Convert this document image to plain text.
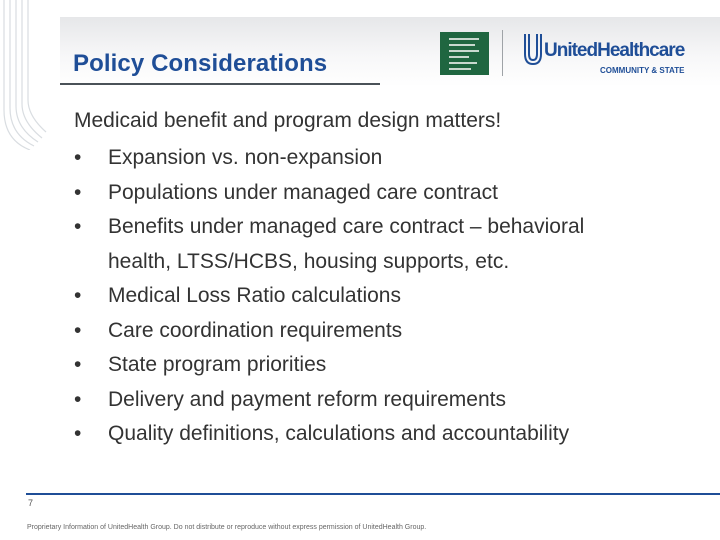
Policy Considerations	UnitedHealthcare
COMMUNITY & STATE

Medicaid benefit and program design matters!

•	Expansion vs. non-expansion
•	Populations under managed care contract
•	Benefits under managed care contract – behavioral
health, LTSS/HCBS, housing supports, etc.
•	Medical Loss Ratio calculations
•	Care coordination requirements
•	State program priorities
•	Delivery and payment reform requirements
•	Quality definitions, calculations and accountability
7
Proprietary Information of UnitedHealth Group. Do not distribute or reproduce without express permission of UnitedHealth Group.
